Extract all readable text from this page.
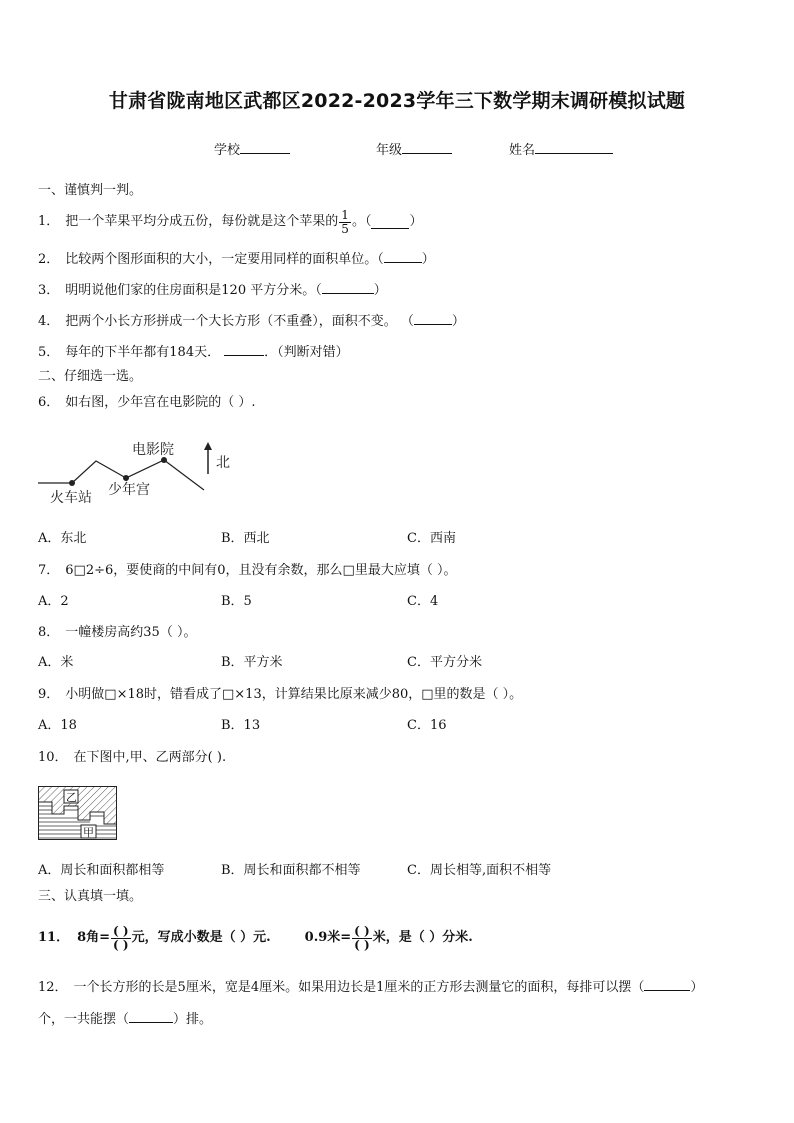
甘肃省陇南地区武都区2022-2023学年三下数学期末调研模拟试题
学校	年级	姓名
一、谨慎判一判。
1． 把一个苹果平均分成五份，每份就是这个苹果的 $\frac{1}{5}$ 。（	）
2． 比较两个图形面积的大小，一定要用同样的面积单位。（	）
3． 明明说他们家的住房面积是120 平方分米。（	）
4． 把两个小长方形拼成一个大长方形（不重叠），面积不变。 （	）
5． 每年的下半年都有184天．	．（判断对错）
二、仔细选一选。
6． 如右图，少年宫在电影院的（ ）.
电影院
火车站 少年宫
北
A．东北	B．西北	C．西南
7． 6□2÷6，要使商的中间有0，且没有余数，那么□里最大应填（ ）。
A．2	B．5	C．4
8． 一幢楼房高约35（ ）。
A．米	B．平方米	C．平方分米
9． 小明做□×18时，错看成了□×13，计算结果比原来减少80，□里的数是（ ）。
A．18	B．13	C．16
10． 在下图中,甲、乙两部分( ).
乙
甲
A．周长和面积都相等	B．周长和面积都不相等	C．周长相等,面积不相等
三、认真填一填。
11． 8角= $\frac{( )}{( )}$ 元，写成小数是（ ）元.	0.9米= $\frac{( )}{( )}$ 米，是（ ）分米.
12． 一个长方形的长是5厘米，宽是4厘米。如果用边长是1厘米的正方形去测量它的面积，每排可以摆（	）
个，一共能摆（	）排。
